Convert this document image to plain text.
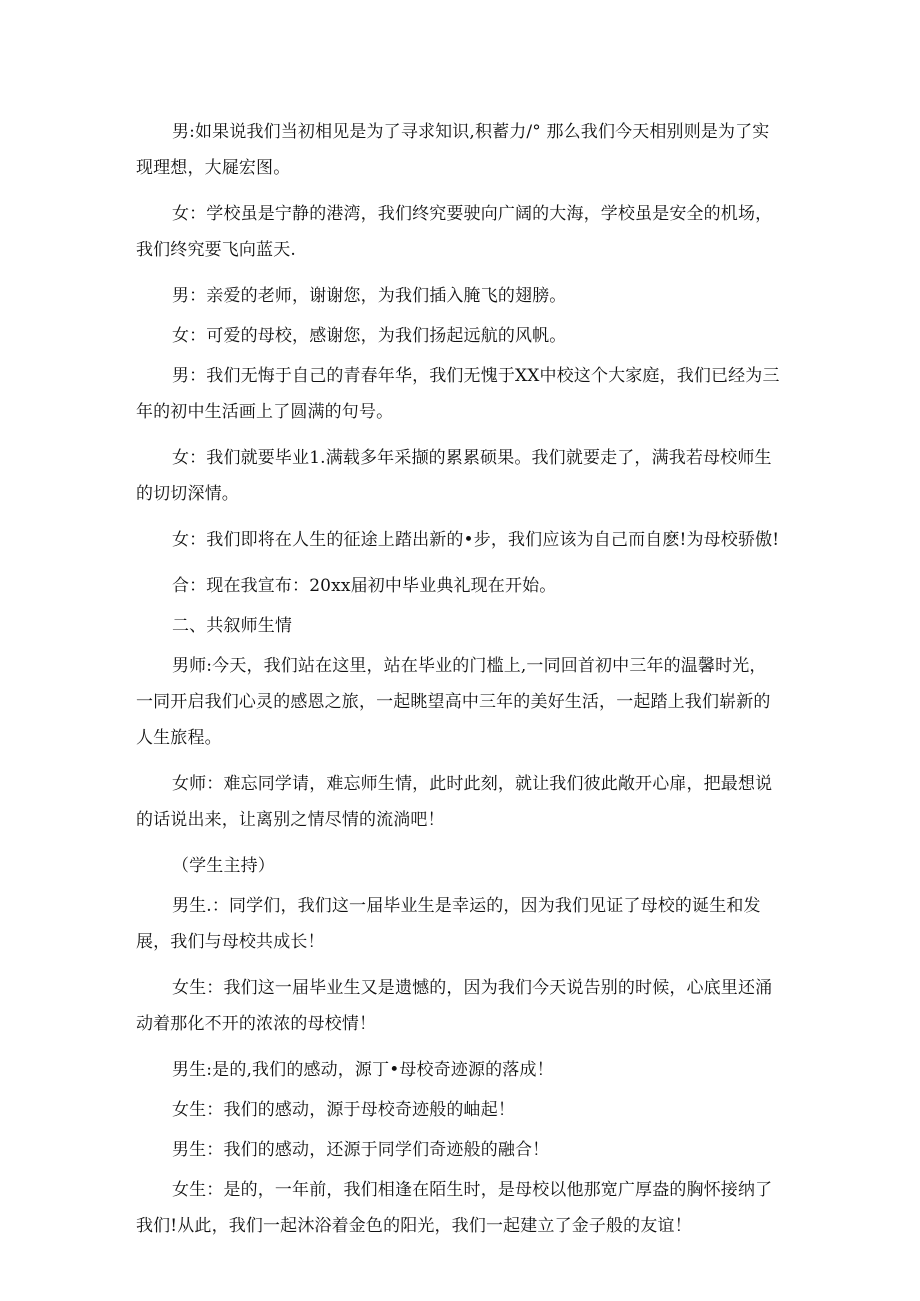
男:如果说我们当初相见是为了寻求知识,积蓄力/° 那么我们今天相别则是为了实现理想，大屣宏图。

女：学校虽是宁静的港湾，我们终究要驶向广阔的大海，学校虽是安全的机场，我们终究要飞向蓝天.

男：亲爱的老师，谢谢您，为我们插入腌飞的翅膀。

女：可爱的母校，感谢您，为我们扬起远航的风帆。

男：我们无悔于自己的青春年华，我们无愧于XX中校这个大家庭，我们已经为三年的初中生活画上了圆满的句号。

女：我们就要毕业1.满载多年采撷的累累硕果。我们就要走了，满我若母校师生的切切深情。

女：我们即将在人生的征途上踏出新的•步，我们应该为自己而自麽!为母校骄傲!

合：现在我宣布：20xx届初中毕业典礼现在开始。

二、共叙师生情

男师:今天，我们站在这里，站在毕业的门槛上,一同回首初中三年的温馨时光，一同开启我们心灵的感恩之旅，一起眺望高中三年的美好生活，一起踏上我们崭新的人生旅程。

女师：难忘同学请，难忘师生情，此时此刻，就让我们彼此敞开心扉，把最想说的话说出来，让离别之情尽情的流淌吧！

（学生主持）

男生.：同学们，我们这一届毕业生是幸运的，因为我们见证了母校的诞生和发展，我们与母校共成长！

女生：我们这一届毕业生又是遗憾的，因为我们今天说告别的时候，心底里还涌动着那化不开的浓浓的母校情！

男生:是的,我们的感动，源丁•母校奇迹源的落成！

女生：我们的感动，源于母校奇迹般的岫起！

男生：我们的感动，还源于同学们奇迹般的融合！

女生：是的，一年前，我们相逢在陌生时，是母校以他那宽广厚盎的胸怀接纳了我们!从此，我们一起沐浴着金色的阳光，我们一起建立了金子般的友谊！
